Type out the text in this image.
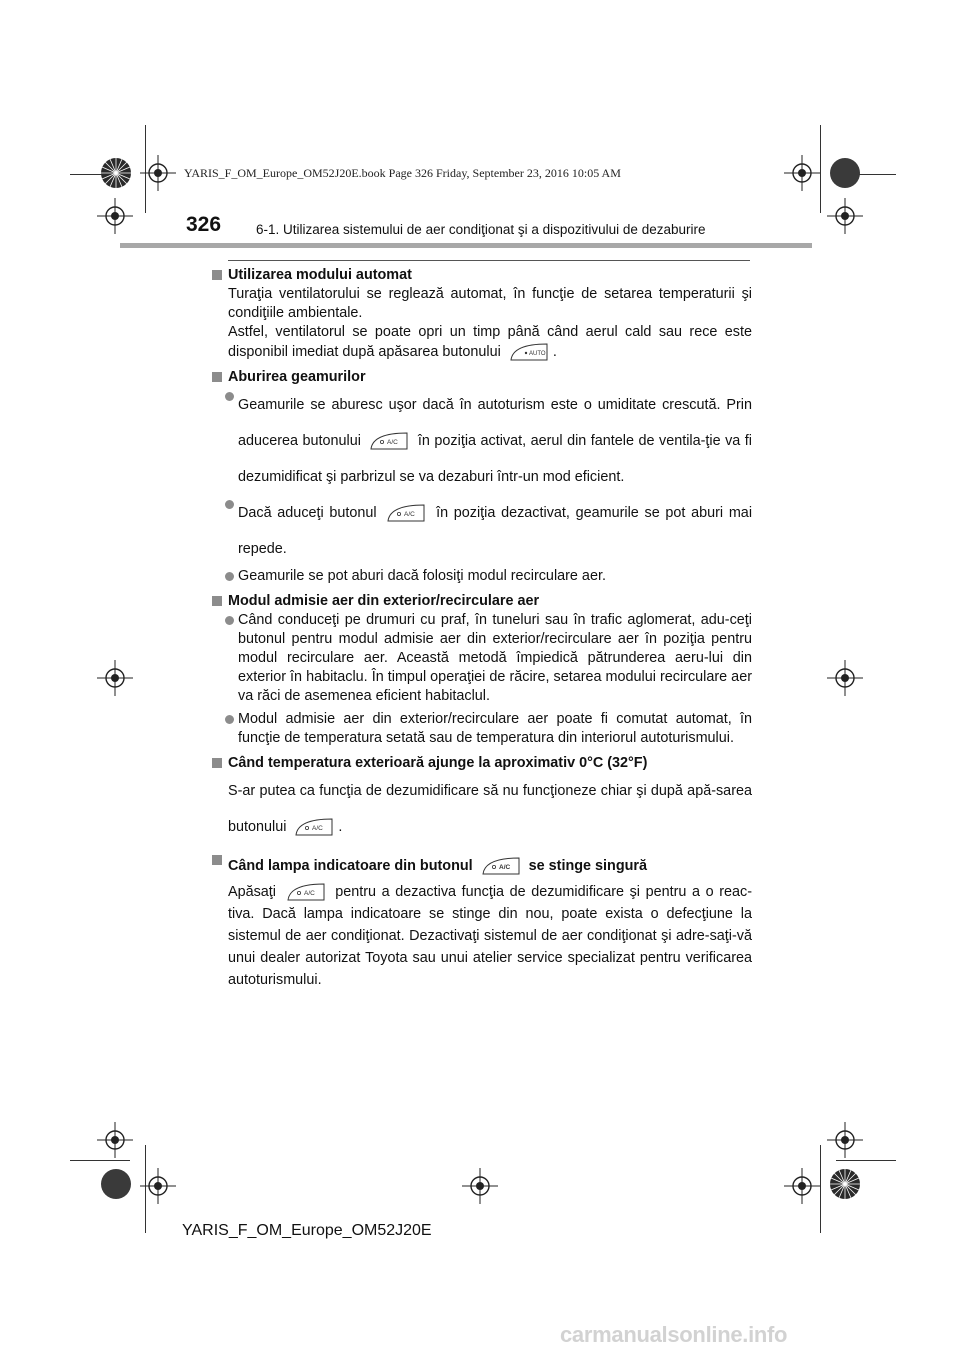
YARIS_F_OM_Europe_OM52J20E.book Page 326 Friday, September 23, 2016 10:05 AM
326	6-1. Utilizarea sistemului de aer condiţionat şi a dispozitivului de dezaburire
Utilizarea modului automat
Turaţia ventilatorului se reglează automat, în funcţie de setarea temperaturii şi condiţiile ambientale.
Astfel, ventilatorul se poate opri un timp până când aerul cald sau rece este disponibil imediat după apăsarea butonului	AUTO .
Aburirea geamurilor
Geamurile se aburesc uşor dacă în autoturism este o umiditate crescută. Prin aducerea butonului	A/C în poziţia activat, aerul din fantele de ventila-ţie va fi dezumidificat şi parbrizul se va dezaburi într-un mod eficient.
Dacă aduceţi butonul	A/C în poziţia dezactivat, geamurile se pot aburi mai repede.
Geamurile se pot aburi dacă folosiţi modul recirculare aer.
Modul admisie aer din exterior/recirculare aer
Când conduceţi pe drumuri cu praf, în tuneluri sau în trafic aglomerat, adu-ceţi butonul pentru modul admisie aer din exterior/recirculare aer în poziţia pentru modul recirculare aer. Această metodă împiedică pătrunderea aeru-lui din exterior în habitaclu. În timpul operaţiei de răcire, setarea modului recirculare aer va răci de asemenea eficient habitaclul.
Modul admisie aer din exterior/recirculare aer poate fi comutat automat, în funcţie de temperatura setată sau de temperatura din interiorul autoturismului.
Când temperatura exterioară ajunge la aproximativ 0°C (32°F)
S-ar putea ca funcţia de dezumidificare să nu funcţioneze chiar şi după apă-sarea butonului	A/C .
Când lampa indicatoare din butonul	A/C se stinge singură
Apăsaţi	A/C pentru a dezactiva funcţia de dezumidificare şi pentru a o reac-tiva. Dacă lampa indicatoare se stinge din nou, poate exista o defecţiune la sistemul de aer condiţionat. Dezactivaţi sistemul de aer condiţionat şi adre-saţi-vă unui dealer autorizat Toyota sau unui atelier service specializat pentru verificarea autoturismului.
YARIS_F_OM_Europe_OM52J20E
carmanualsonline.info
